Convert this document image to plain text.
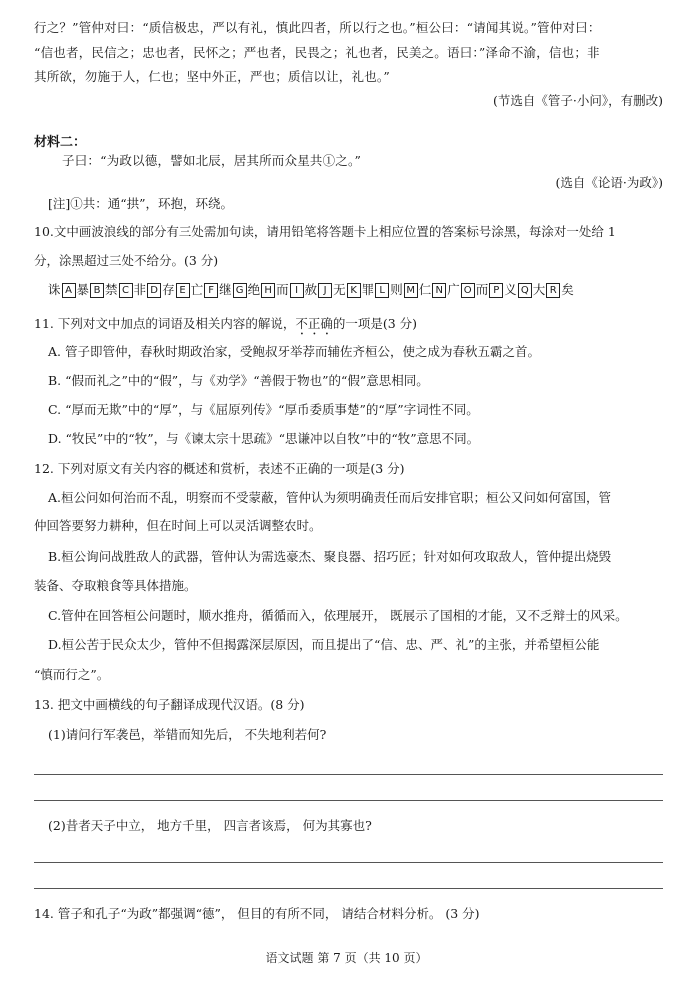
行之？”管仲对曰：“质信极忠，严以有礼，慎此四者，所以行之也。”桓公曰：“请闻其说。”管仲对曰：
“信也者，民信之；忠也者，民怀之；严也者，民畏之；礼也者，民美之。语曰：”泽命不渝，信也；非
其所欲，勿施于人，仁也；坚中外正，严也；质信以让，礼也。”
(节选自《管子·小问》，有删改)
材料二：
子曰：“为政以德，譬如北辰，居其所而众星共①之。”
(选自《论语·为政》)
[注]①共：通“拱”，环抱，环绕。
10.文中画波浪线的部分有三处需加句读，请用铅笔将答题卡上相应位置的答案标号涂黑，每涂对一处给 1
分，涂黑超过三处不给分。(3 分)
诛 A 暴 B 禁 C 非 D 存 E 亡 F 继 G 绝 H 而 I 赦 J 无 K 罪 L 则 M 仁 N 广 O 而 P 义 Q 大 R 矣
11. 下列对文中加点的词语及相关内容的解说，不正确的一项是(3 分)
A. 管子即管仲，春秋时期政治家，受鲍叔牙举荐而辅佐齐桓公，使之成为春秋五霸之首。
B. “假而礼之”中的“假”，与《劝学》“善假于物也”的“假”意思相同。
C. “厚而无欺”中的“厚”，与《屈原列传》“厚币委质事楚”的“厚”字词性不同。
D. “牧民”中的“牧”，与《谏太宗十思疏》“思谦冲以自牧”中的“牧”意思不同。
12. 下列对原文有关内容的概述和赏析，表述不正确的一项是(3 分)
A.桓公问如何治而不乱，明察而不受蒙蔽，管仲认为须明确责任而后安排官职；桓公又问如何富国，管
仲回答要努力耕种，但在时间上可以灵活调整农时。
B.桓公询问战胜敌人的武器，管仲认为需选豪杰、聚良器、招巧匠；针对如何攻取敌人，管仲提出烧毁
装备、夺取粮食等具体措施。
C.管仲在回答桓公问题时，顺水推舟，循循而入，依理展开， 既展示了国相的才能，又不乏辩士的风采。
D.桓公苦于民众太少，管仲不但揭露深层原因，而且提出了“信、忠、严、礼”的主张，并希望桓公能
“慎而行之”。
13. 把文中画横线的句子翻译成现代汉语。(8 分)
(1)请问行军袭邑，举错而知先后， 不失地利若何?
(2)昔者天子中立， 地方千里， 四言者该焉， 何为其寡也?
14. 管子和孔子“为政”都强调“德”， 但目的有所不同， 请结合材料分析。 (3 分)
语文试题 第 7 页（共 10 页）
